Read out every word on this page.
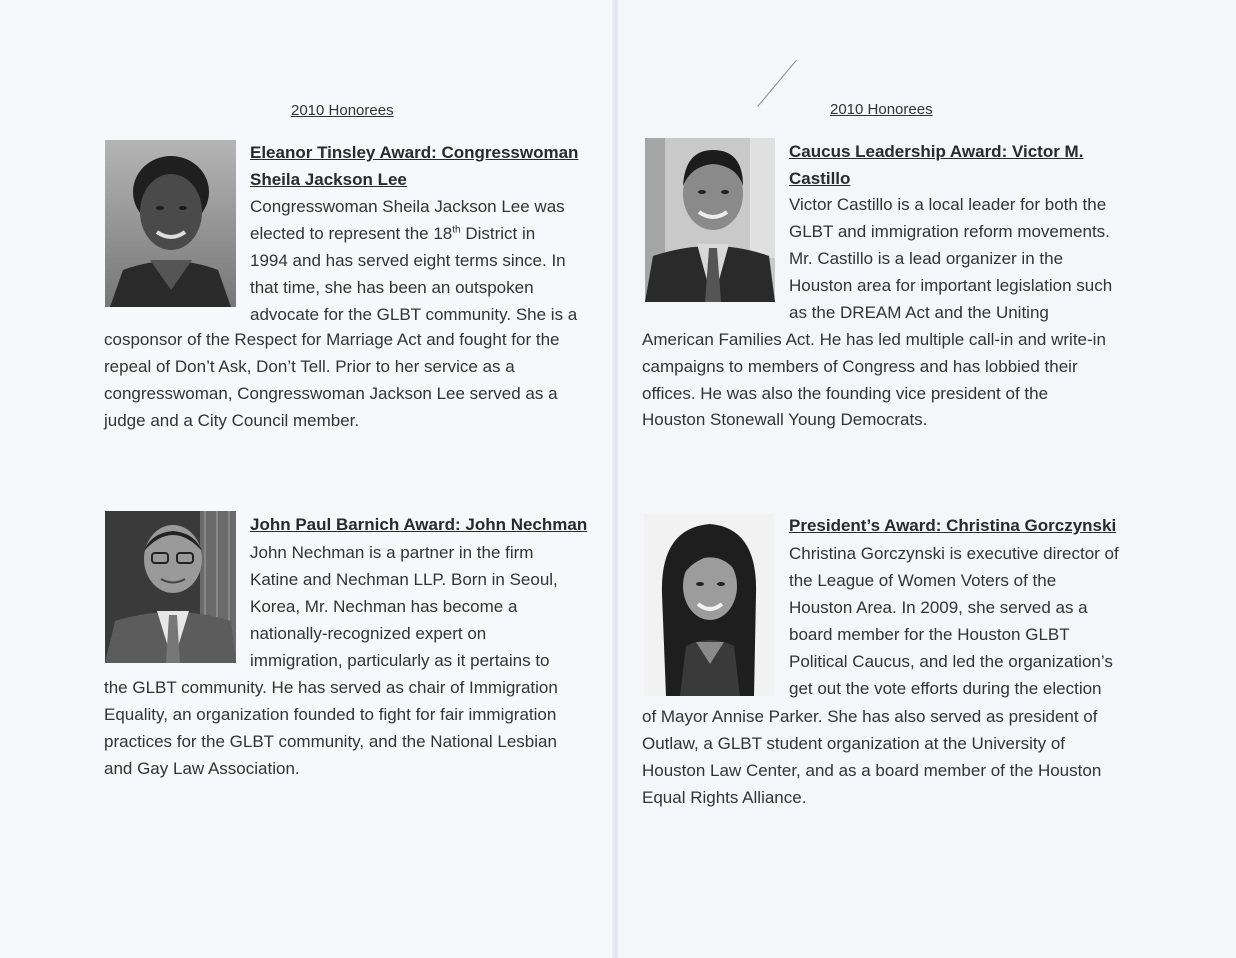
2010 Honorees

Eleanor Tinsley Award: Congresswoman
Sheila Jackson Lee

Congresswoman Sheila Jackson Lee was
elected to represent the 18th District in
1994 and has served eight terms since. In
that time, she has been an outspoken
advocate for the GLBT community. She is a
cosponsor of the Respect for Marriage Act and fought for the
repeal of Don’t Ask, Don’t Tell. Prior to her service as a
congresswoman, Congresswoman Jackson Lee served as a
judge and a City Council member.

John Paul Barnich Award: John Nechman

John Nechman is a partner in the firm
Katine and Nechman LLP. Born in Seoul,
Korea, Mr. Nechman has become a
nationally-recognized expert on
immigration, particularly as it pertains to
the GLBT community. He has served as chair of Immigration
Equality, an organization founded to fight for fair immigration
practices for the GLBT community, and the National Lesbian
and Gay Law Association.
2010 Honorees

Caucus Leadership Award: Victor M.
Castillo

Victor Castillo is a local leader for both the
GLBT and immigration reform movements.
Mr. Castillo is a lead organizer in the
Houston area for important legislation such
as the DREAM Act and the Uniting
American Families Act. He has led multiple call-in and write-in
campaigns to members of Congress and has lobbied their
offices. He was also the founding vice president of the
Houston Stonewall Young Democrats.

President’s Award: Christina Gorczynski

Christina Gorczynski is executive director of
the League of Women Voters of the
Houston Area. In 2009, she served as a
board member for the Houston GLBT
Political Caucus, and led the organization’s
get out the vote efforts during the election
of Mayor Annise Parker. She has also served as president of
Outlaw, a GLBT student organization at the University of
Houston Law Center, and as a board member of the Houston
Equal Rights Alliance.
